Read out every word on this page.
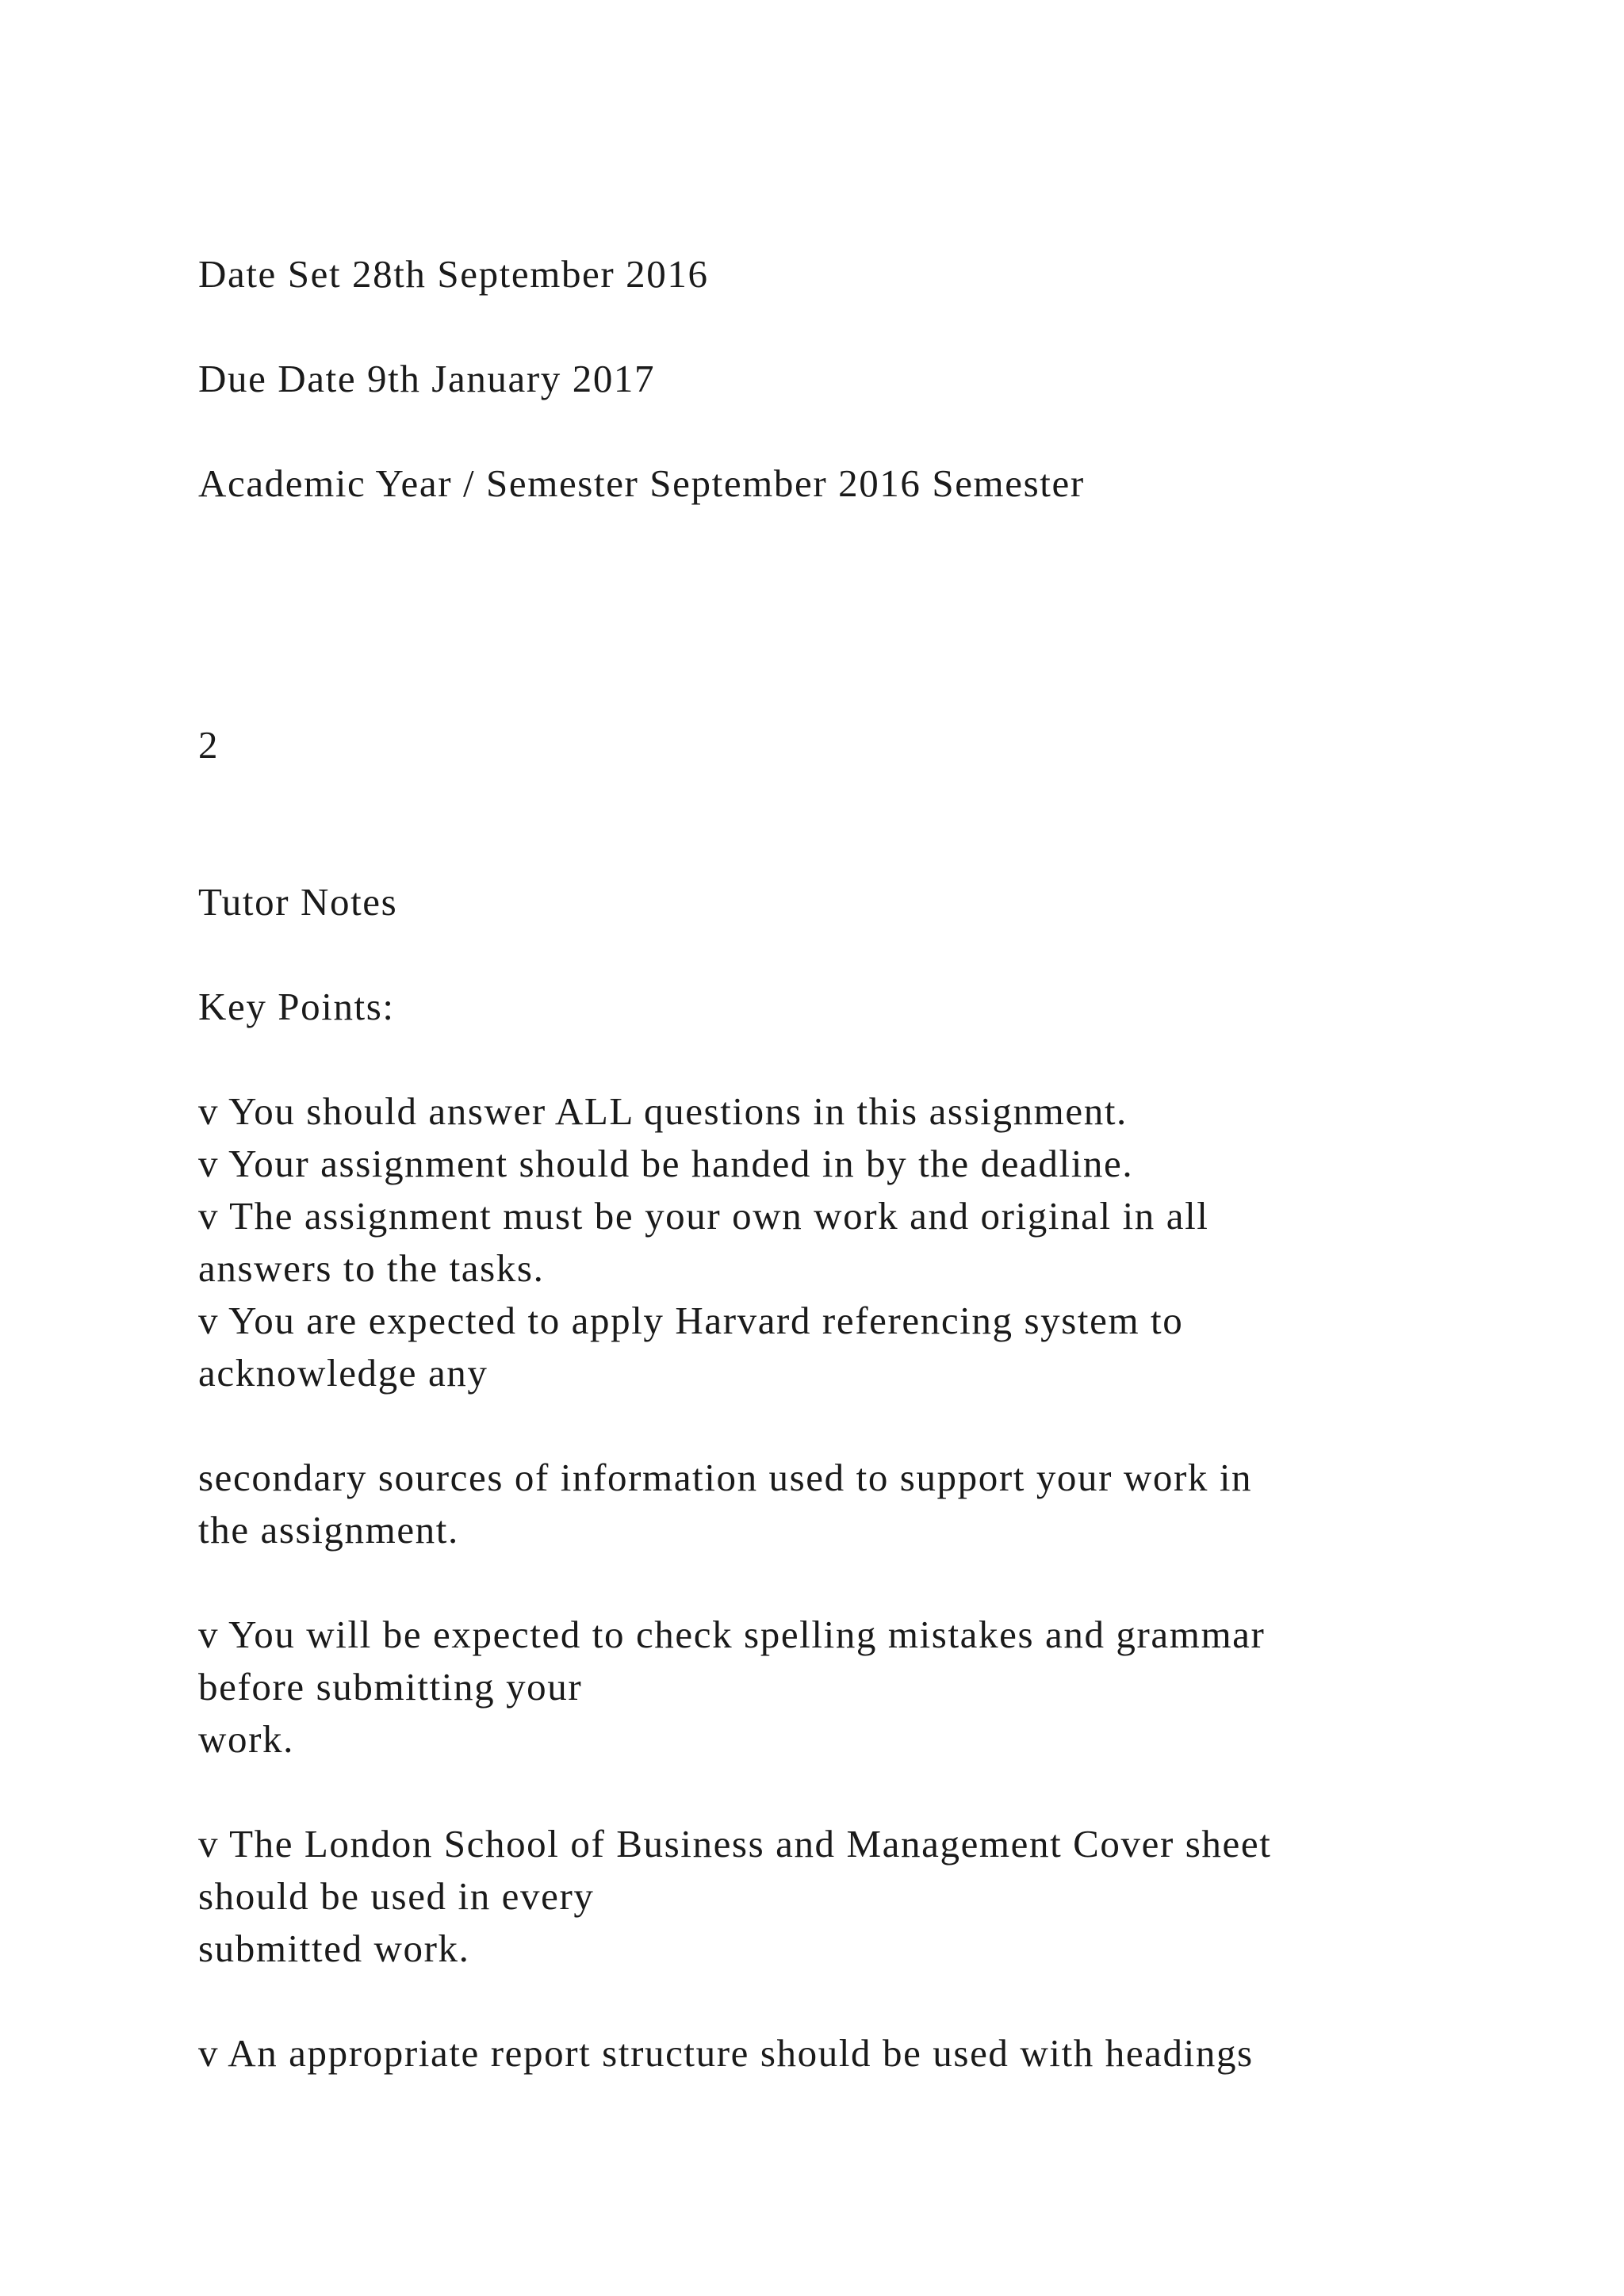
Date Set 28th September 2016

Due Date 9th January 2017

Academic Year / Semester September 2016 Semester

2

Tutor Notes

Key Points:

v You should answer ALL questions in this assignment.

v Your assignment should be handed in by the deadline.

v The assignment must be your own work and original in all

answers to the tasks.

v You are expected to apply Harvard referencing system to

acknowledge any

secondary sources of information used to support your work in

the assignment.

v You will be expected to check spelling mistakes and grammar

before submitting your

work.

v The London School of Business and Management Cover sheet

should be used in every

submitted work.

v An appropriate report structure should be used with headings
